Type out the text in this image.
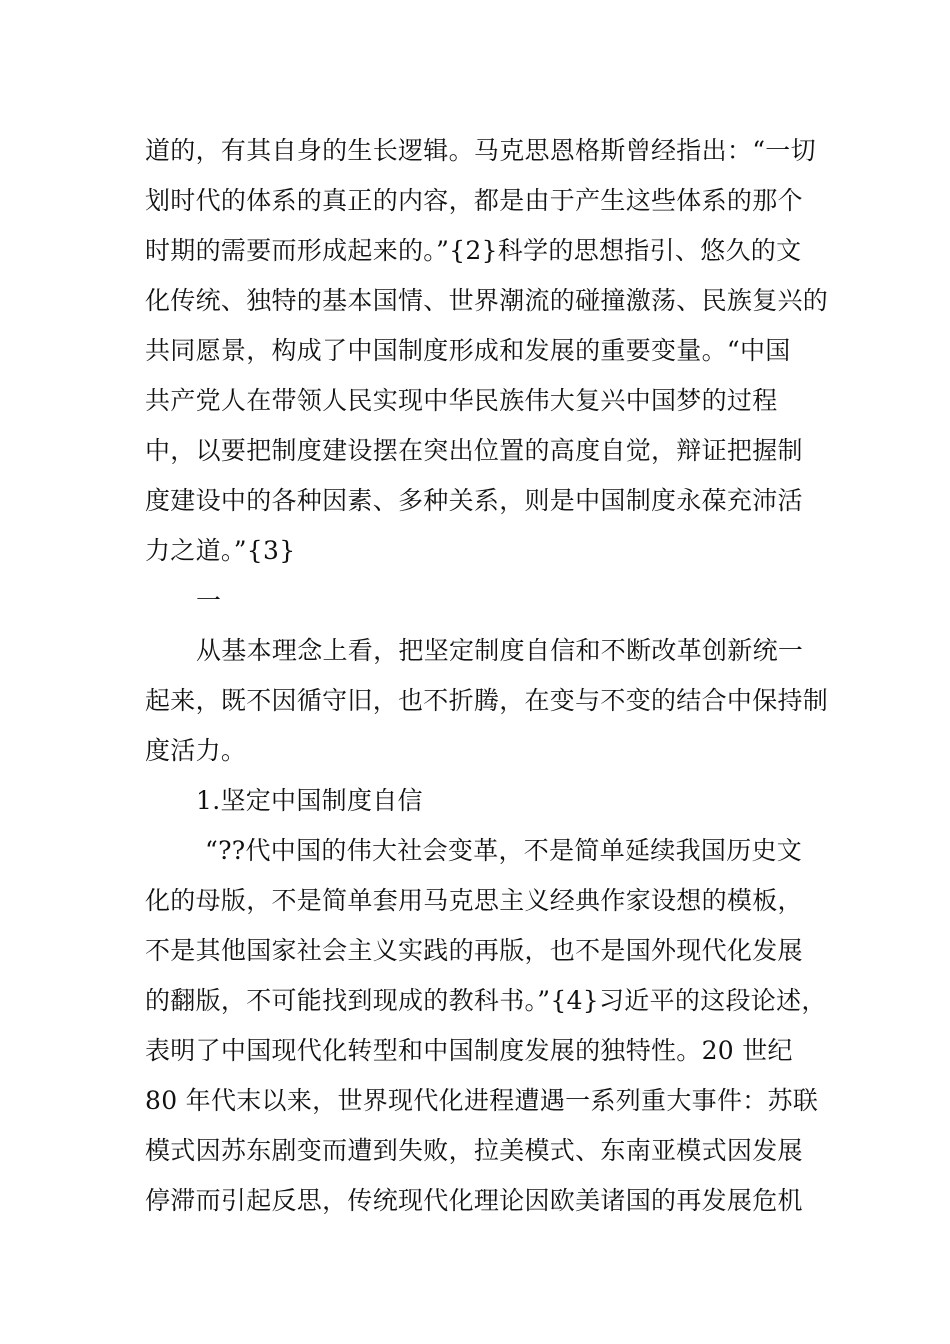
道的，有其自身的生长逻辑。马克思恩格斯曾经指出：“一切
划时代的体系的真正的内容，都是由于产生这些体系的那个
时期的需要而形成起来的。”{2}科学的思想指引、悠久的文
化传统、独特的基本国情、世界潮流的碰撞激荡、民族复兴的
共同愿景，构成了中国制度形成和发展的重要变量。“中国
共产党人在带领人民实现中华民族伟大复兴中国梦的过程
中，以要把制度建设摆在突出位置的高度自觉，辩证把握制
度建设中的各种因素、多种关系，则是中国制度永葆充沛活
力之道。”{3}
一
从基本理念上看，把坚定制度自信和不断改革创新统一
起来，既不因循守旧，也不折腾，在变与不变的结合中保持制
度活力。
1.坚定中国制度自信
“??代中国的伟大社会变革，不是简单延续我国历史文
化的母版，不是简单套用马克思主义经典作家设想的模板，
不是其他国家社会主义实践的再版，也不是国外现代化发展
的翻版，不可能找到现成的教科书。”{4}习近平的这段论述，
表明了中国现代化转型和中国制度发展的独特性。20 世纪
80 年代末以来，世界现代化进程遭遇一系列重大事件：苏联
模式因苏东剧变而遭到失败，拉美模式、东南亚模式因发展
停滞而引起反思，传统现代化理论因欧美诸国的再发展危机
